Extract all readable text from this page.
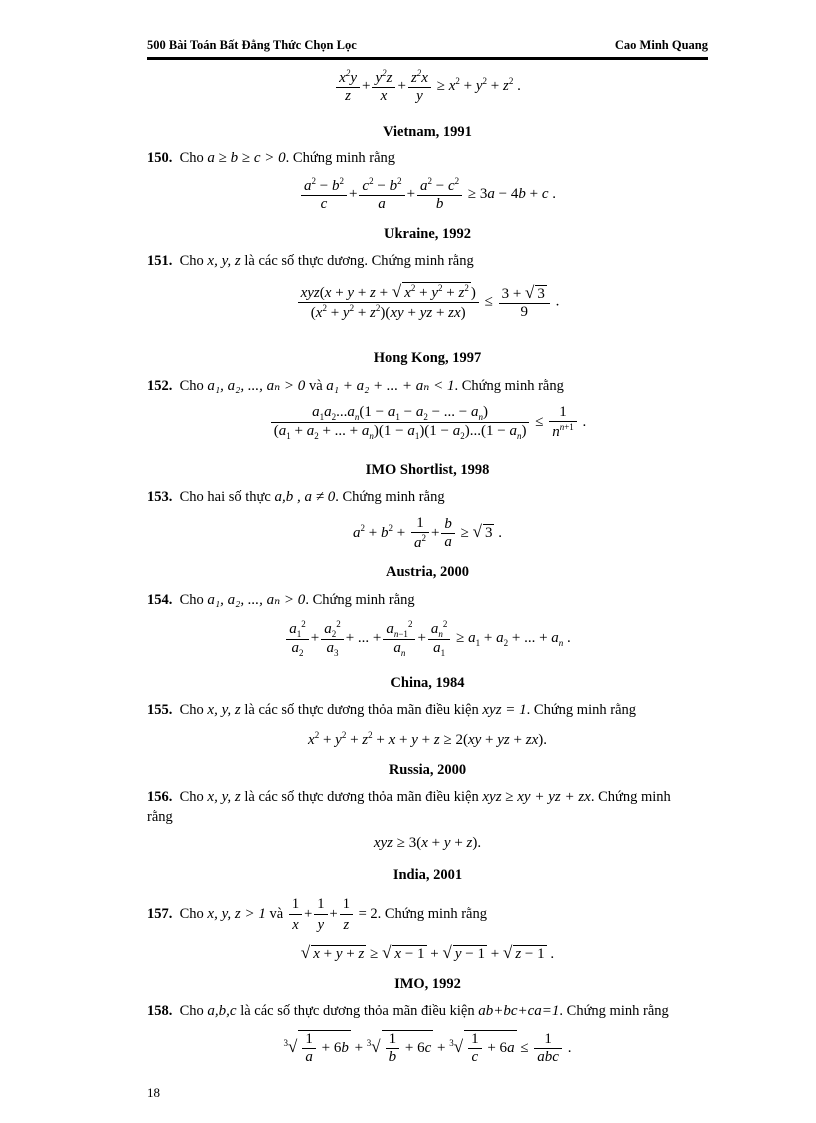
500 Bài Toán Bất Đẳng Thức Chọn Lọc	Cao Minh Quang
$\frac{x^2y}{z} + \frac{y^2z}{x} + \frac{z^2x}{y} \ge x^2 + y^2 + z^2$ .
Vietnam, 1991
150. Cho a ≥ b ≥ c > 0. Chứng minh rằng
$\frac{a^2 - b^2}{c} + \frac{c^2 - b^2}{a} + \frac{a^2 - c^2}{b} \ge 3a - 4b + c$ .
Ukraine, 1992
151. Cho x, y, z là các số thực dương. Chứng minh rằng
$\frac{xyz(x + y + z + √ x^2 + y^2 + z^2 )}{(x^2 + y^2 + z^2)(xy + yz + zx)} \le \frac{3 + √ 3}{9}$ .
Hong Kong, 1997
152. Cho a₁, a₂, ..., aₙ > 0 và a₁ + a₂ + ... + aₙ < 1. Chứng minh rằng
$\frac{a_1a_2...a_n(1 - a_1 - a_2 - ... - a_n)}{(a_1 + a_2 + ... + a_n)(1 - a_1)(1 - a_2)...(1 - a_n)} \le \frac{1}{n^{n+1}}$ .
IMO Shortlist, 1998
153. Cho hai số thực a,b , a ≠ 0. Chứng minh rằng
$a^2 + b^2 + \frac{1}{a^2} + \frac{b}{a}$ ≥ √ 3 .
Austria, 2000
154. Cho a₁, a₂, ..., aₙ > 0. Chứng minh rằng
$\frac{a_1^2}{a_2} + \frac{a_2^2}{a_3}$ + ... + $\frac{a_{n-1}^2}{a_n} + \frac{a_n^2}{a_1} \ge a_1 + a_2$ + ... + $a_n$ .
China, 1984
155. Cho x, y, z là các số thực dương thỏa mãn điều kiện xyz = 1. Chứng minh rằng
$x^2 + y^2 + z^2 + x + y + z \ge 2(xy$ + yz + zx).
Russia, 2000
156. Cho x, y, z là các số thực dương thỏa mãn điều kiện xyz ≥ xy + yz + zx. Chứng minh
rằng
xyz ≥ 3(x + y + z).
India, 2001
157. Cho x, y, z > 1 và $\frac{1}{x} + \frac{1}{y} + \frac{1}{z} = 2$. Chứng minh rằng
√ x + y + z ≥ √ x − 1 + √ y − 1 + √ z − 1 .
IMO, 1992
158. Cho a,b,c là các số thực dương thỏa mãn điều kiện ab+bc+ca=1. Chứng minh rằng
$^3√ \frac{1}{a} + 6b + ^3√ \frac{1}{b} + 6c + ^3√ \frac{1}{c} + 6a \le \frac{1}{\text{abc}}$ .
18
